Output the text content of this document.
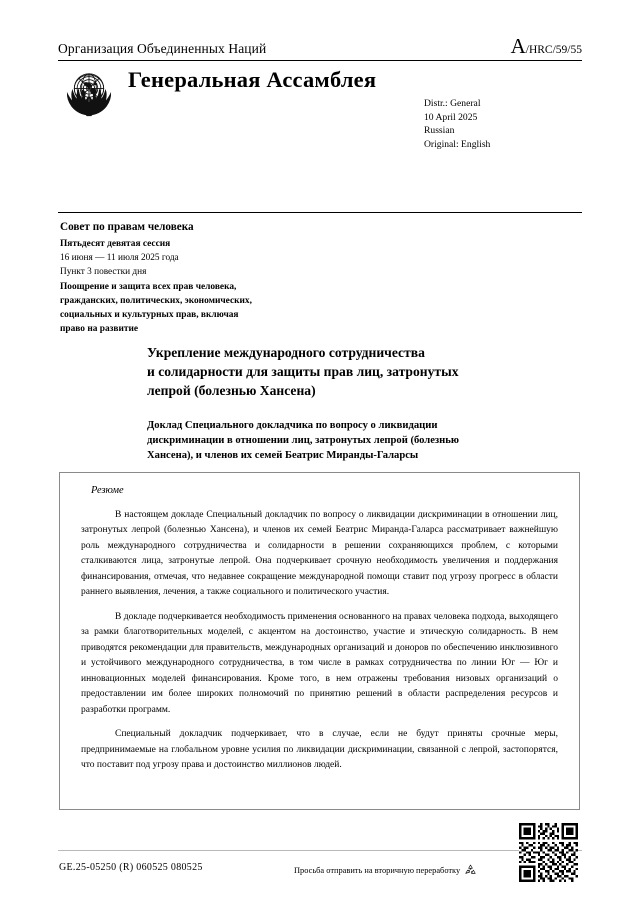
Организация Объединенных Наций	A/HRC/59/55
Генеральная Ассамблея
Distr.: General
10 April 2025
Russian
Original: English
Совет по правам человека
Пятьдесят девятая сессия
16 июня — 11 июля 2025 года
Пункт 3 повестки дня
Поощрение и защита всех прав человека,
гражданских, политических, экономических,
социальных и культурных прав, включая
право на развитие
Укрепление международного сотрудничества
и солидарности для защиты прав лиц, затронутых
лепрой (болезнью Хансена)
Доклад Специального докладчика по вопросу о ликвидации
дискриминации в отношении лиц, затронутых лепрой (болезнью
Хансена), и членов их семей Беатрис Миранды-Галарсы
Резюме

В настоящем докладе Специальный докладчик по вопросу о ликвидации дискриминации в отношении лиц, затронутых лепрой (болезнью Хансена), и членов их семей Беатрис Миранда-Галарса рассматривает важнейшую роль международного сотрудничества и солидарности в решении сохраняющихся проблем, с которыми сталкиваются лица, затронутые лепрой. Она подчеркивает срочную необходимость увеличения и поддержания финансирования, отмечая, что недавнее сокращение международной помощи ставит под угрозу прогресс в области раннего выявления, лечения, а также социального и политического участия.

В докладе подчеркивается необходимость применения основанного на правах человека подхода, выходящего за рамки благотворительных моделей, с акцентом на достоинство, участие и этическую солидарность. В нем приводятся рекомендации для правительств, международных организаций и доноров по обеспечению инклюзивного и устойчивого международного сотрудничества, в том числе в рамках сотрудничества по линии Юг — Юг и инновационных моделей финансирования. Кроме того, в нем отражены требования низовых организаций о предоставлении им более широких полномочий по принятию решений в области распределения ресурсов и разработки программ.

Специальный докладчик подчеркивает, что в случае, если не будут приняты срочные меры, предпринимаемые на глобальном уровне усилия по ликвидации дискриминации, связанной с лепрой, застопорятся, что поставит под угрозу права и достоинство миллионов людей.

GE.25-05250 (R) 060525 080525	Просьба отправить на вторичную переработку
